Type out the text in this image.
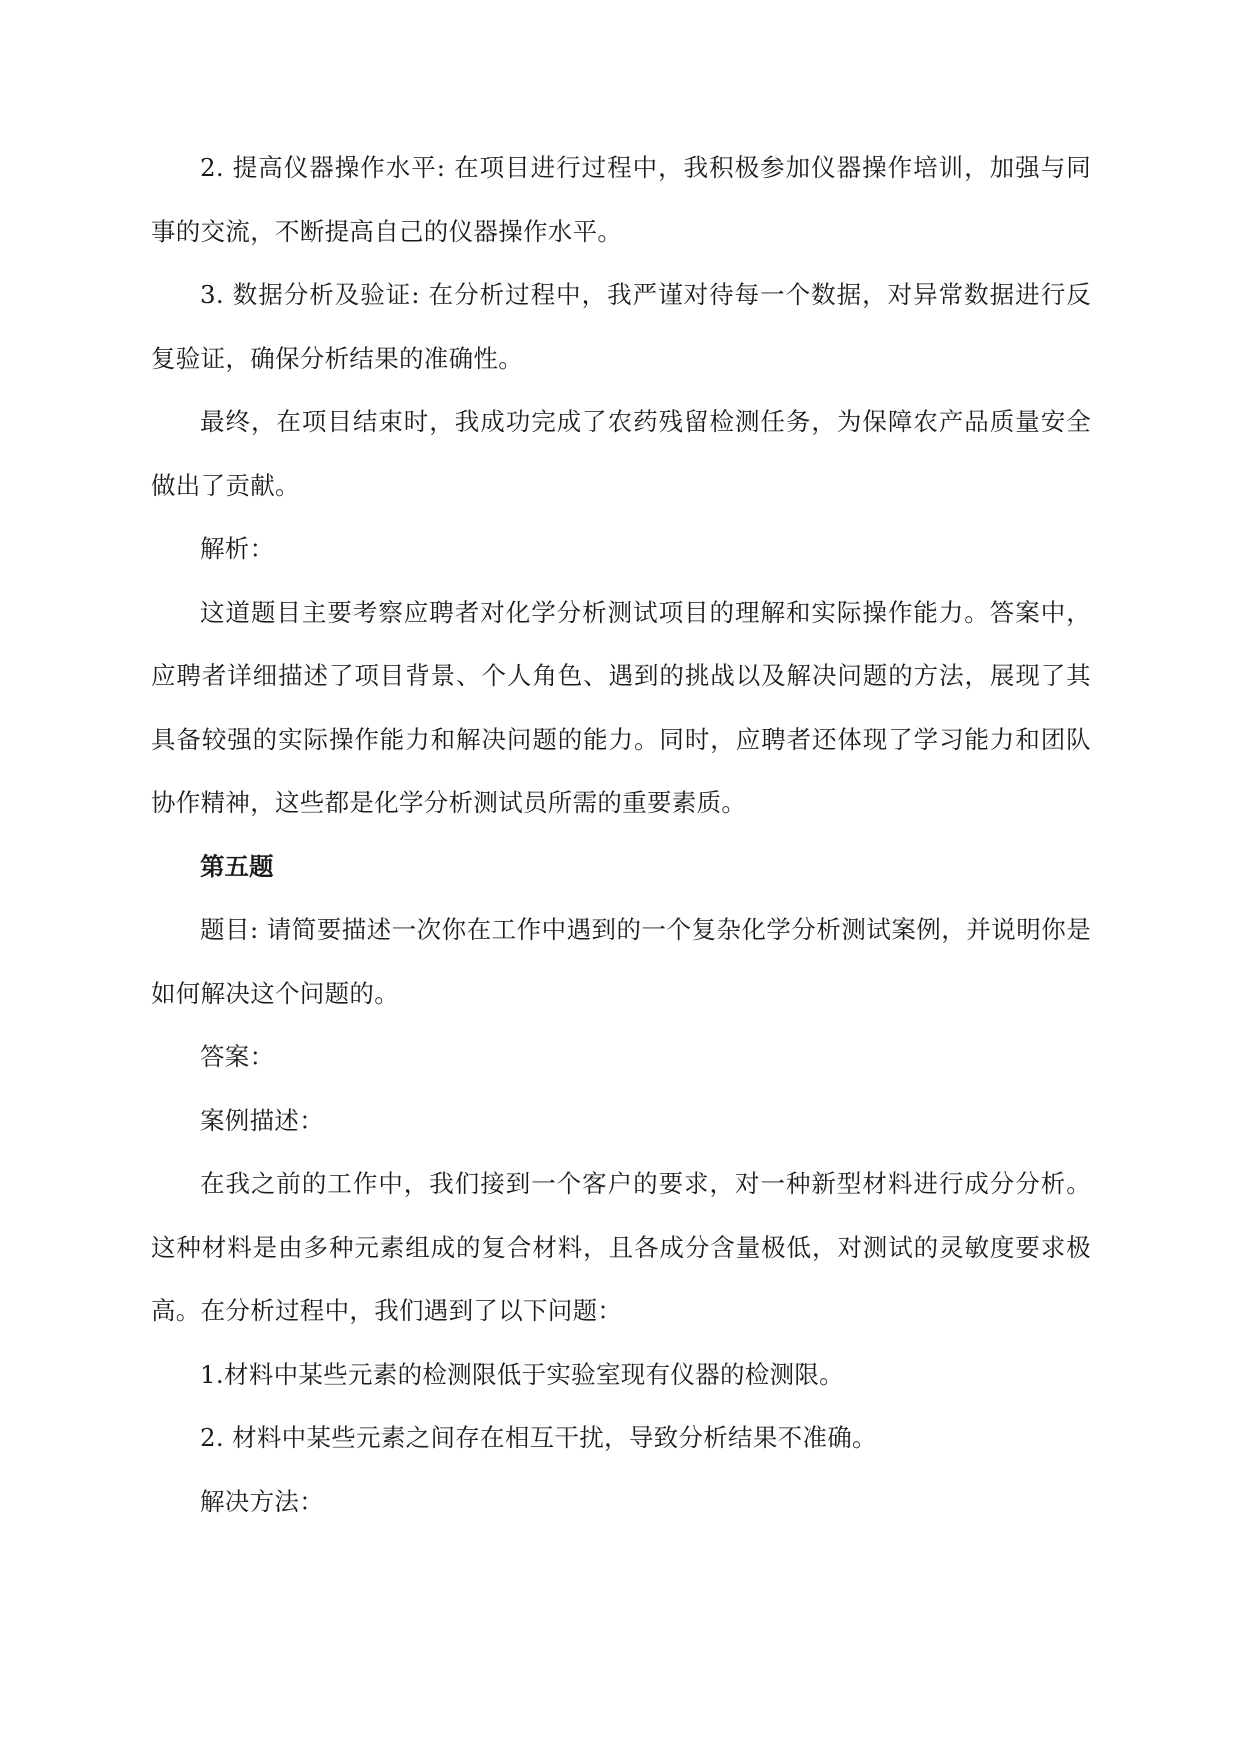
2. 提高仪器操作水平: 在项目进行过程中，我积极参加仪器操作培训，加强与同事的交流，不断提高自己的仪器操作水平。

3. 数据分析及验证: 在分析过程中，我严谨对待每一个数据，对异常数据进行反复验证，确保分析结果的准确性。

最终，在项目结束时，我成功完成了农药残留检测任务，为保障农产品质量安全做出了贡献。

解析：

这道题目主要考察应聘者对化学分析测试项目的理解和实际操作能力。答案中，应聘者详细描述了项目背景、个人角色、遇到的挑战以及解决问题的方法，展现了其具备较强的实际操作能力和解决问题的能力。同时，应聘者还体现了学习能力和团队协作精神，这些都是化学分析测试员所需的重要素质。

第五题

题目: 请简要描述一次你在工作中遇到的一个复杂化学分析测试案例，并说明你是如何解决这个问题的。

答案：

案例描述：

在我之前的工作中，我们接到一个客户的要求，对一种新型材料进行成分分析。这种材料是由多种元素组成的复合材料，且各成分含量极低，对测试的灵敏度要求极高。在分析过程中，我们遇到了以下问题：

1.材料中某些元素的检测限低于实验室现有仪器的检测限。

2. 材料中某些元素之间存在相互干扰，导致分析结果不准确。

解决方法：
